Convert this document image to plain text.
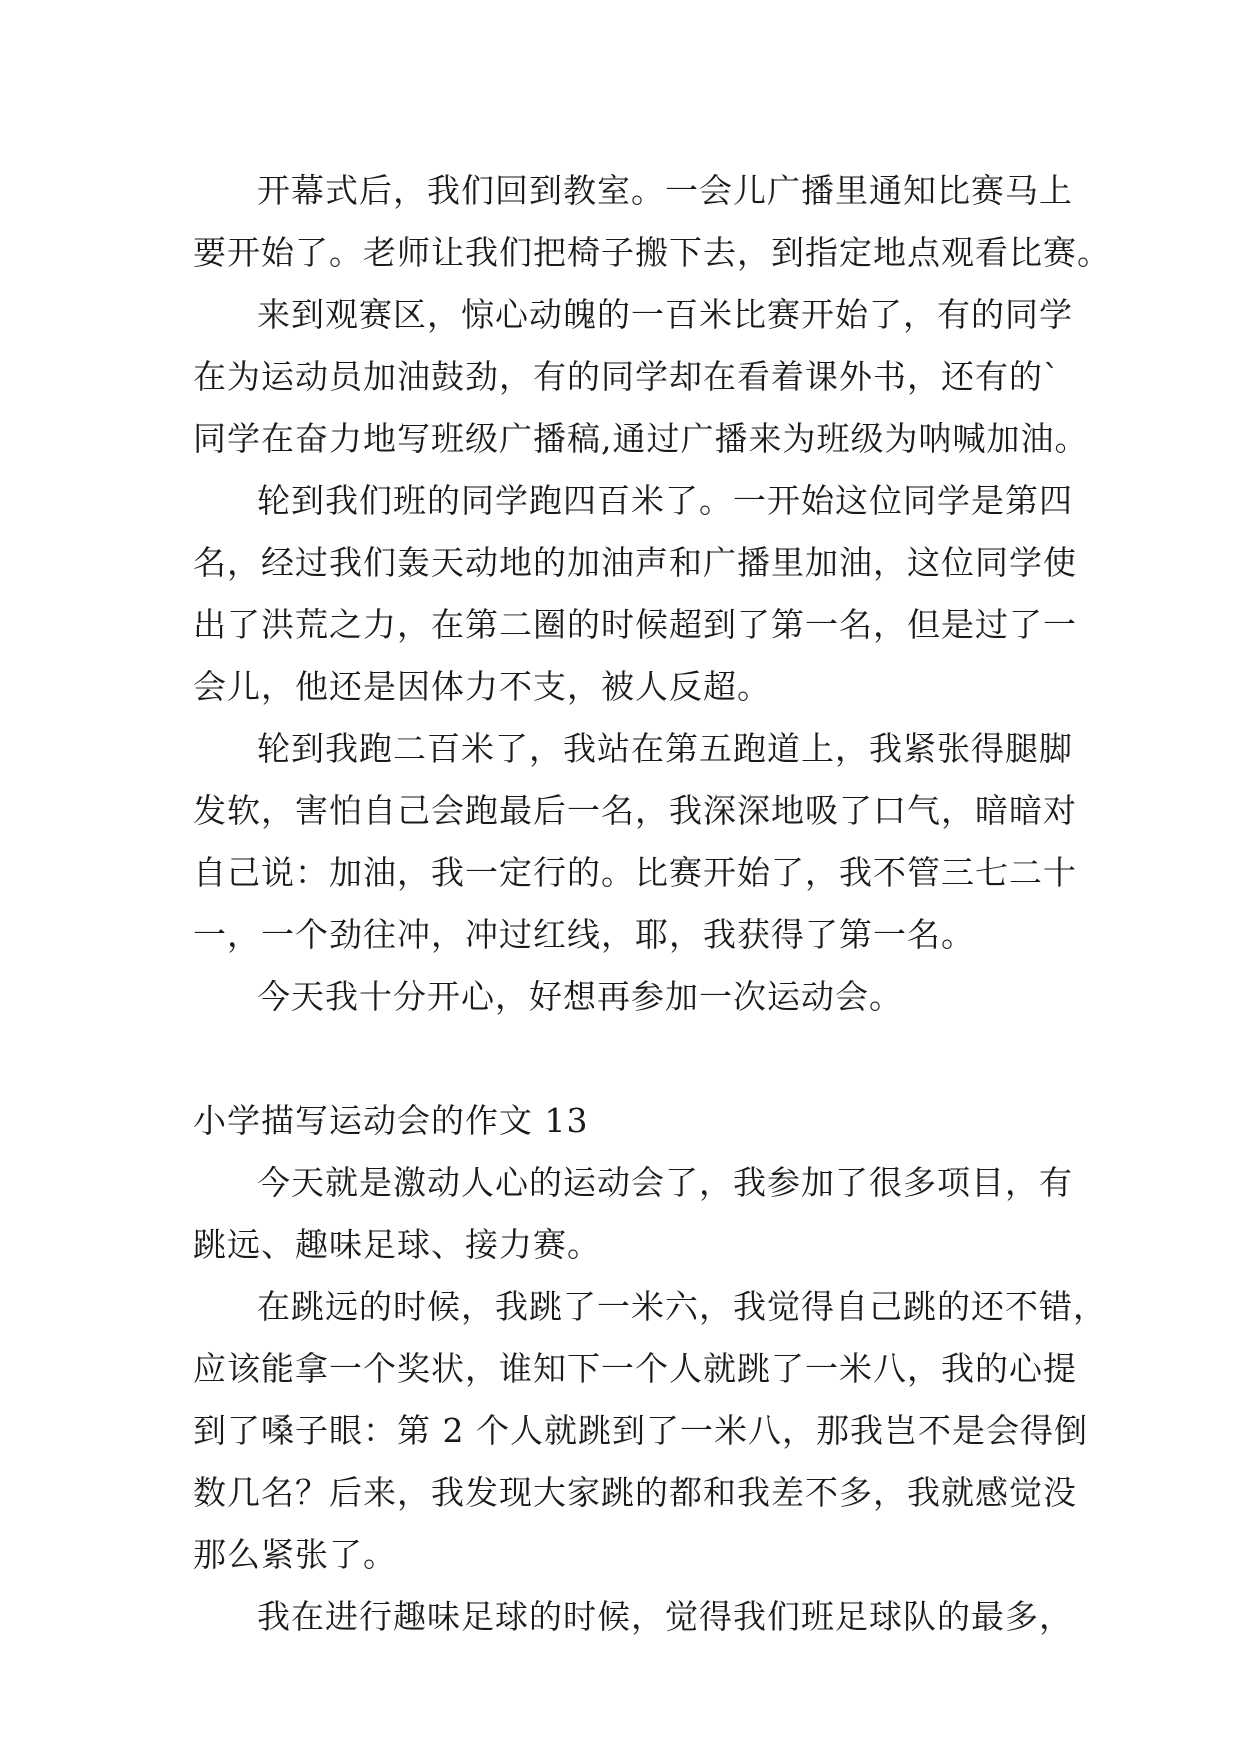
开幕式后，我们回到教室。一会儿广播里通知比赛马上
要开始了。老师让我们把椅子搬下去，到指定地点观看比赛。
来到观赛区，惊心动魄的一百米比赛开始了，有的同学
在为运动员加油鼓劲，有的同学却在看着课外书，还有的`
同学在奋力地写班级广播稿,通过广播来为班级为呐喊加油。
轮到我们班的同学跑四百米了。一开始这位同学是第四
名，经过我们轰天动地的加油声和广播里加油，这位同学使
出了洪荒之力，在第二圈的时候超到了第一名，但是过了一
会儿，他还是因体力不支，被人反超。
轮到我跑二百米了，我站在第五跑道上，我紧张得腿脚
发软，害怕自己会跑最后一名，我深深地吸了口气，暗暗对
自己说：加油，我一定行的。比赛开始了，我不管三七二十
一，一个劲往冲，冲过红线，耶，我获得了第一名。
今天我十分开心，好想再参加一次运动会。
小学描写运动会的作文 13
今天就是激动人心的运动会了，我参加了很多项目，有
跳远、趣味足球、接力赛。
在跳远的时候，我跳了一米六，我觉得自己跳的还不错，
应该能拿一个奖状，谁知下一个人就跳了一米八，我的心提
到了嗓子眼：第 2 个人就跳到了一米八，那我岂不是会得倒
数几名？后来，我发现大家跳的都和我差不多，我就感觉没
那么紧张了。
我在进行趣味足球的时候，觉得我们班足球队的最多，
